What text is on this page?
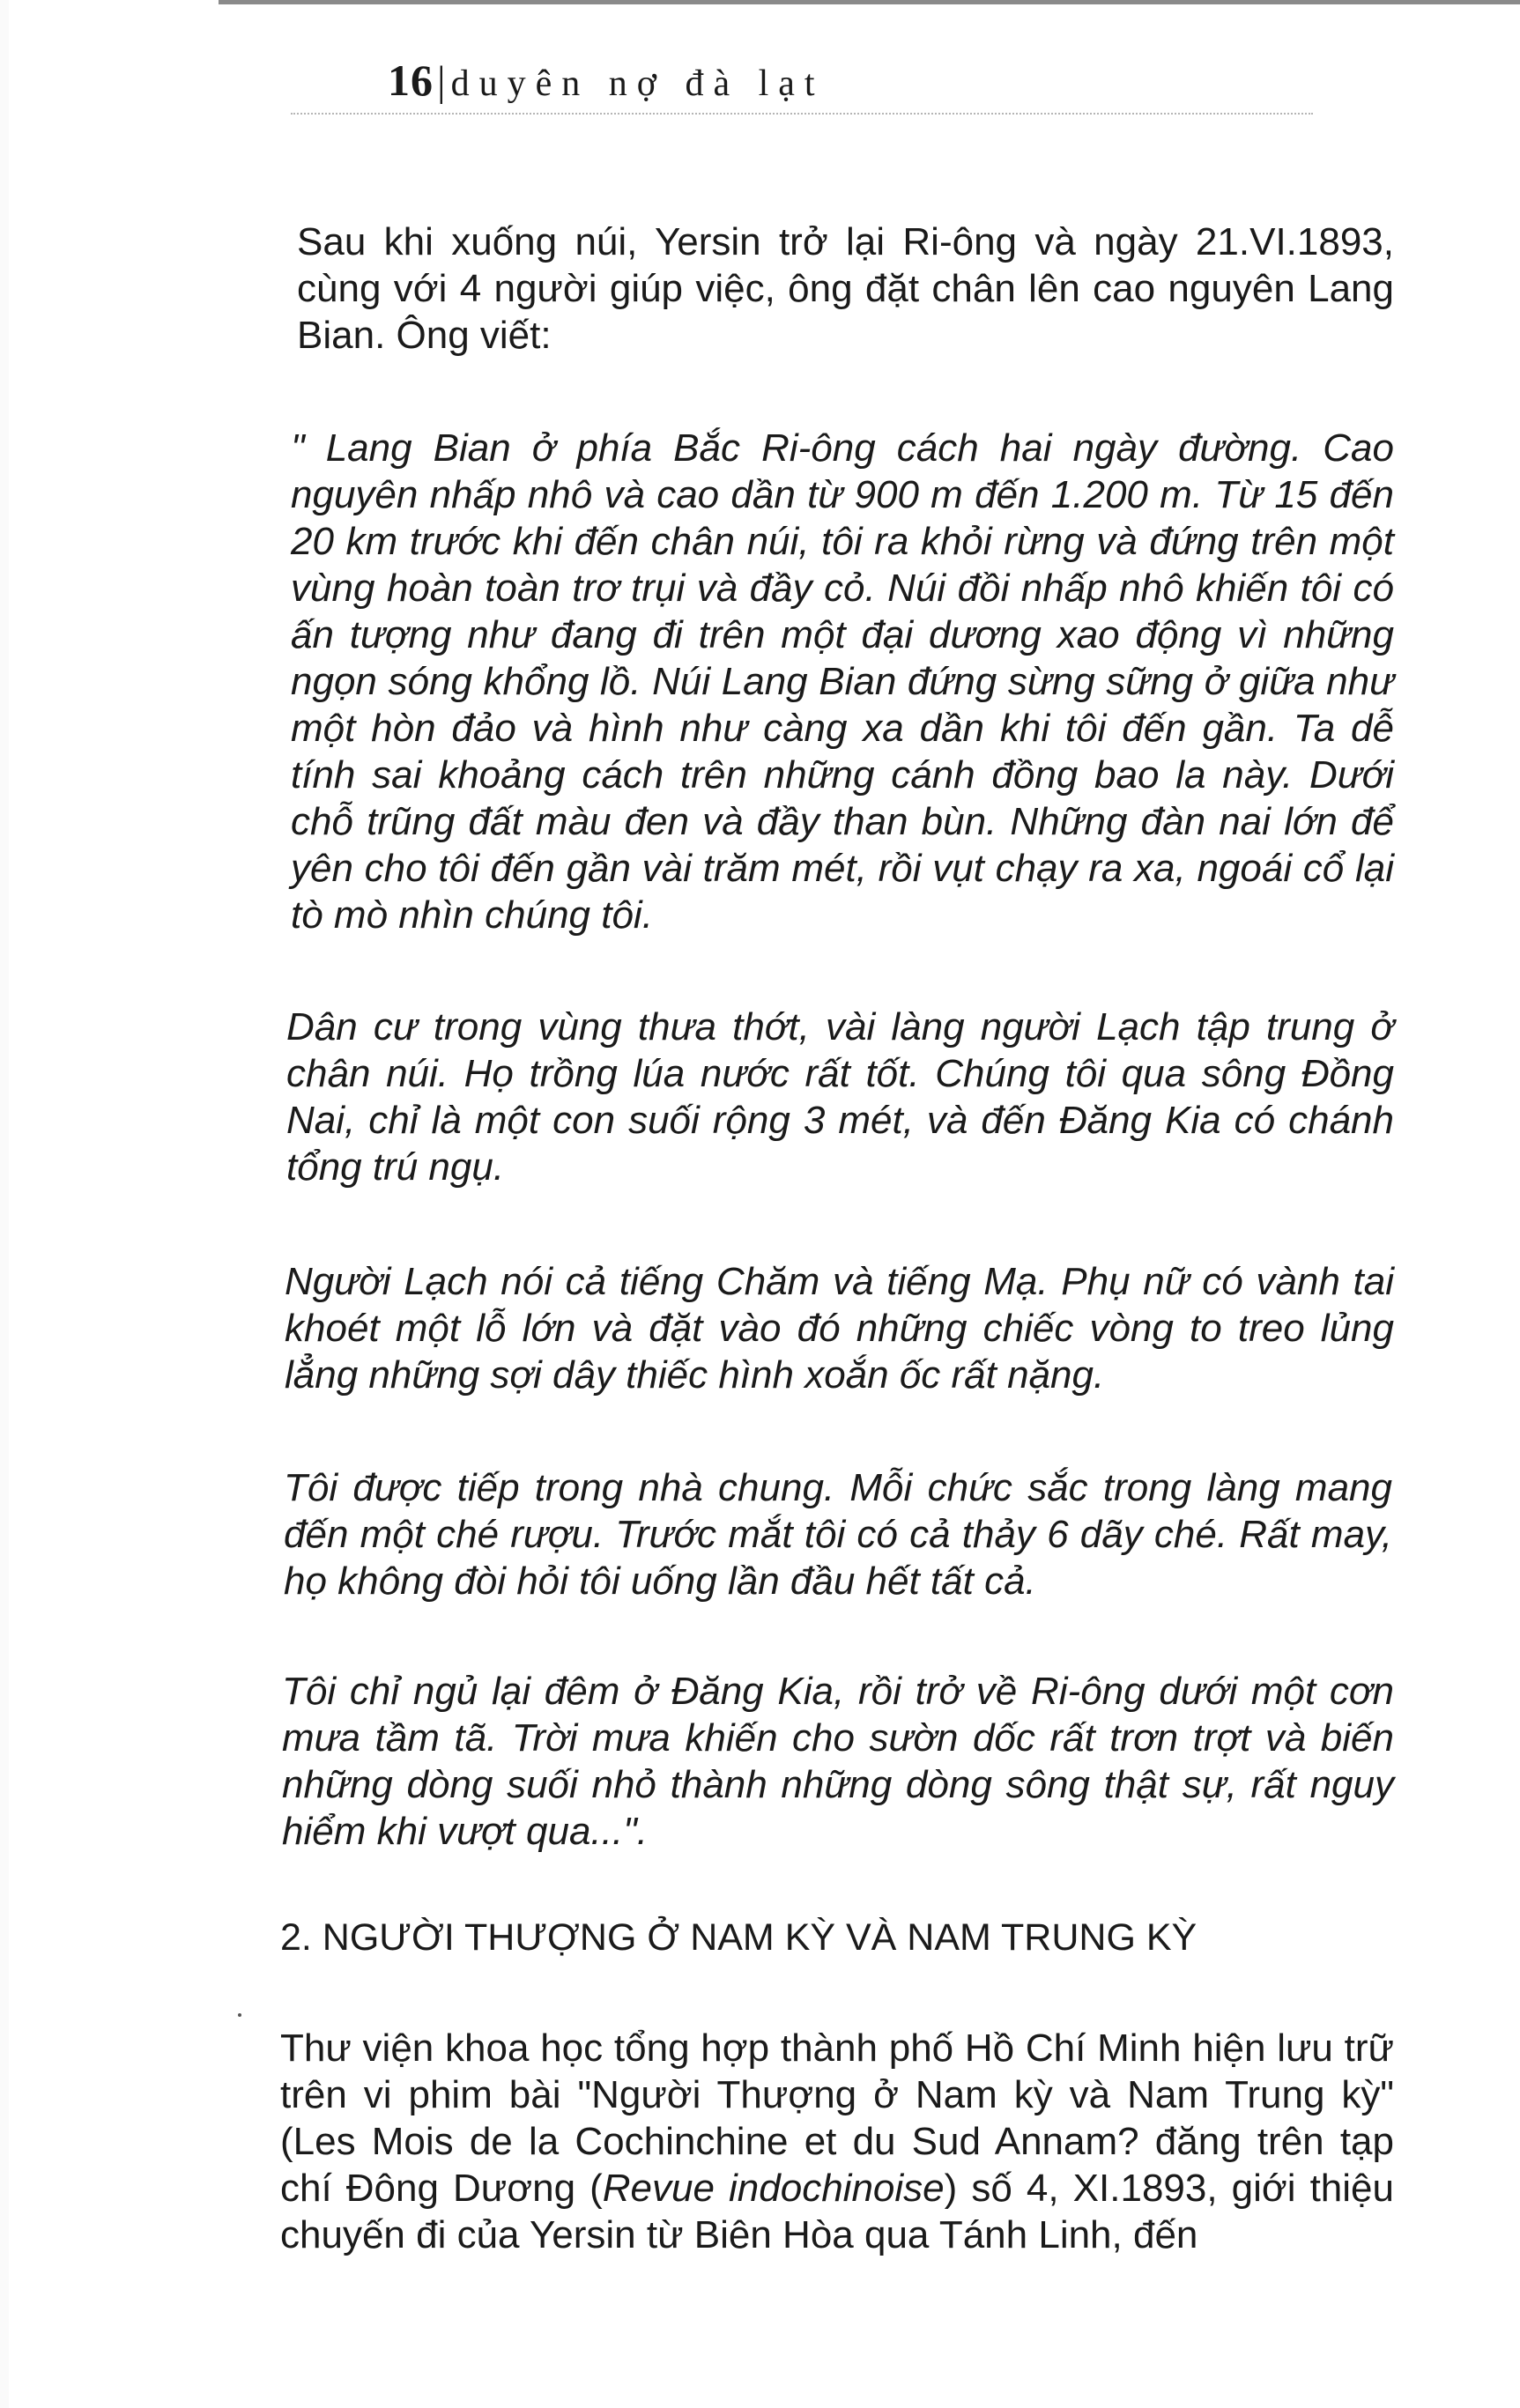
16| duyên nợ đà lạt

Sau khi xuống núi, Yersin trở lại Ri-ông và ngày 21.VI.1893, cùng với 4 người giúp việc, ông đặt chân lên cao nguyên Lang Bian. Ông viết:

" Lang Bian ở phía Bắc Ri-ông cách hai ngày đường. Cao nguyên nhấp nhô và cao dần từ 900 m đến 1.200 m. Từ 15 đến 20 km trước khi đến chân núi, tôi ra khỏi rừng và đứng trên một vùng hoàn toàn trơ trụi và đầy cỏ. Núi đồi nhấp nhô khiến tôi có ấn tượng như đang đi trên một đại dương xao động vì những ngọn sóng khổng lồ. Núi Lang Bian đứng sừng sững ở giữa như một hòn đảo và hình như càng xa dần khi tôi đến gần. Ta dễ tính sai khoảng cách trên những cánh đồng bao la này. Dưới chỗ trũng đất màu đen và đầy than bùn. Những đàn nai lớn để yên cho tôi đến gần vài trăm mét, rồi vụt chạy ra xa, ngoái cổ lại tò mò nhìn chúng tôi.

Dân cư trong vùng thưa thớt, vài làng người Lạch tập trung ở chân núi. Họ trồng lúa nước rất tốt. Chúng tôi qua sông Đồng Nai, chỉ là một con suối rộng 3 mét, và đến Đăng Kia có chánh tổng trú ngụ.

Người Lạch nói cả tiếng Chăm và tiếng Mạ. Phụ nữ có vành tai khoét một lỗ lớn và đặt vào đó những chiếc vòng to treo lủng lẳng những sợi dây thiếc hình xoắn ốc rất nặng.

Tôi được tiếp trong nhà chung. Mỗi chức sắc trong làng mang đến một ché rượu. Trước mắt tôi có cả thảy 6 dãy ché. Rất may, họ không đòi hỏi tôi uống lần đầu hết tất cả.

Tôi chỉ ngủ lại đêm ở Đăng Kia, rồi trở về Ri-ông dưới một cơn mưa tầm tã. Trời mưa khiến cho sườn dốc rất trơn trợt và biến những dòng suối nhỏ thành những dòng sông thật sự, rất nguy hiểm khi vượt qua...".

2. NGƯỜI THƯỢNG Ở NAM KỲ VÀ NAM TRUNG KỲ

Thư viện khoa học tổng hợp thành phố Hồ Chí Minh hiện lưu trữ trên vi phim bài "Người Thượng ở Nam kỳ và Nam Trung kỳ" (Les Mois de la Cochinchine et du Sud Annam? đăng trên tạp chí Đông Dương (Revue indochinoise) số 4, XI.1893, giới thiệu chuyến đi của Yersin từ Biên Hòa qua Tánh Linh, đến
